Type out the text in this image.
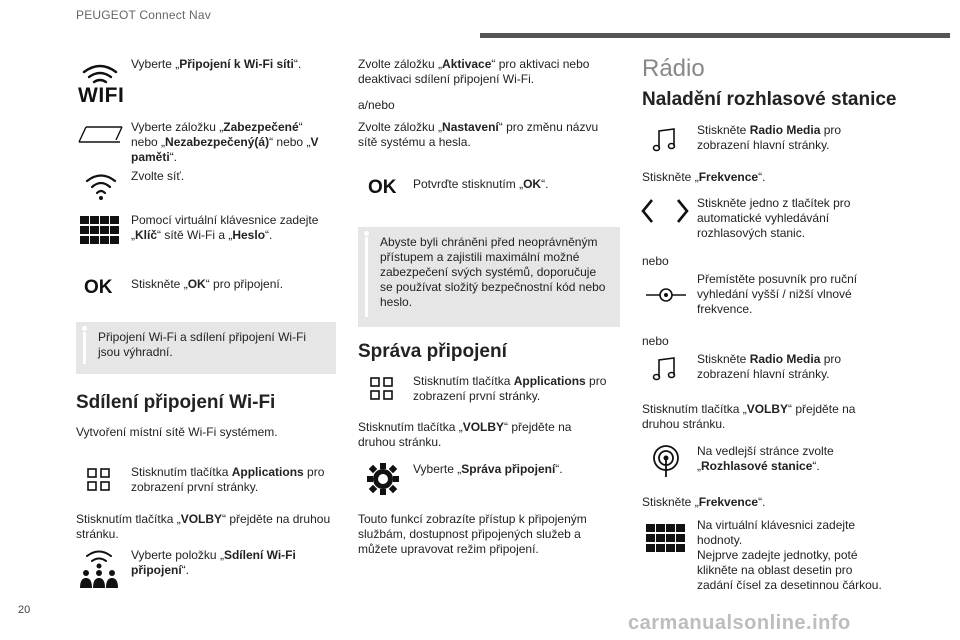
PEUGEOT Connect Nav
WIFI
Vyberte „Připojení k Wi-Fi síti“.
Vyberte záložku „Zabezpečené“ nebo „Nezabezpečený(á)“ nebo „V paměti“.
Zvolte síť.
Pomocí virtuální klávesnice zadejte „Klíč“ sítě Wi-Fi a „Heslo“.
OK Stiskněte „OK“ pro připojení.
Připojení Wi-Fi a sdílení připojení Wi-Fi jsou výhradní.
Sdílení připojení Wi-Fi
Vytvoření místní sítě Wi-Fi systémem.
Stisknutím tlačítka Applications pro zobrazení první stránky.
Stisknutím tlačítka „VOLBY“ přejděte na druhou stránku.
Vyberte položku „Sdílení Wi-Fi připojení“.
Zvolte záložku „Aktivace“ pro aktivaci nebo deaktivaci sdílení připojení Wi-Fi.
a/nebo
Zvolte záložku „Nastavení“ pro změnu názvu sítě systému a hesla.
OK Potvrďte stisknutím „OK“.
Abyste byli chráněni před neoprávněným přístupem a zajistili maximální možné zabezpečení svých systémů, doporučuje se používat složitý bezpečnostní kód nebo heslo.
Správa připojení
Stisknutím tlačítka Applications pro zobrazení první stránky.
Stisknutím tlačítka „VOLBY“ přejděte na druhou stránku.
Vyberte „Správa připojení“.
Touto funkcí zobrazíte přístup k připojeným službám, dostupnost připojených služeb a můžete upravovat režim připojení.
Rádio
Naladění rozhlasové stanice
Stiskněte Radio Media pro zobrazení hlavní stránky.
Stiskněte „Frekvence“.
Stiskněte jedno z tlačítek pro automatické vyhledávání rozhlasových stanic.
nebo
Přemístěte posuvník pro ruční vyhledání vyšší / nižší vlnové frekvence.
nebo
Stiskněte Radio Media pro zobrazení hlavní stránky.
Stisknutím tlačítka „VOLBY“ přejděte na druhou stránku.
Na vedlejší stránce zvolte „Rozhlasové stanice“.
Stiskněte „Frekvence“.
Na virtuální klávesnici zadejte hodnoty.
Nejprve zadejte jednotky, poté klikněte na oblast desetin pro zadání čísel za desetinnou čárkou.
20
carmanualsonline.info
